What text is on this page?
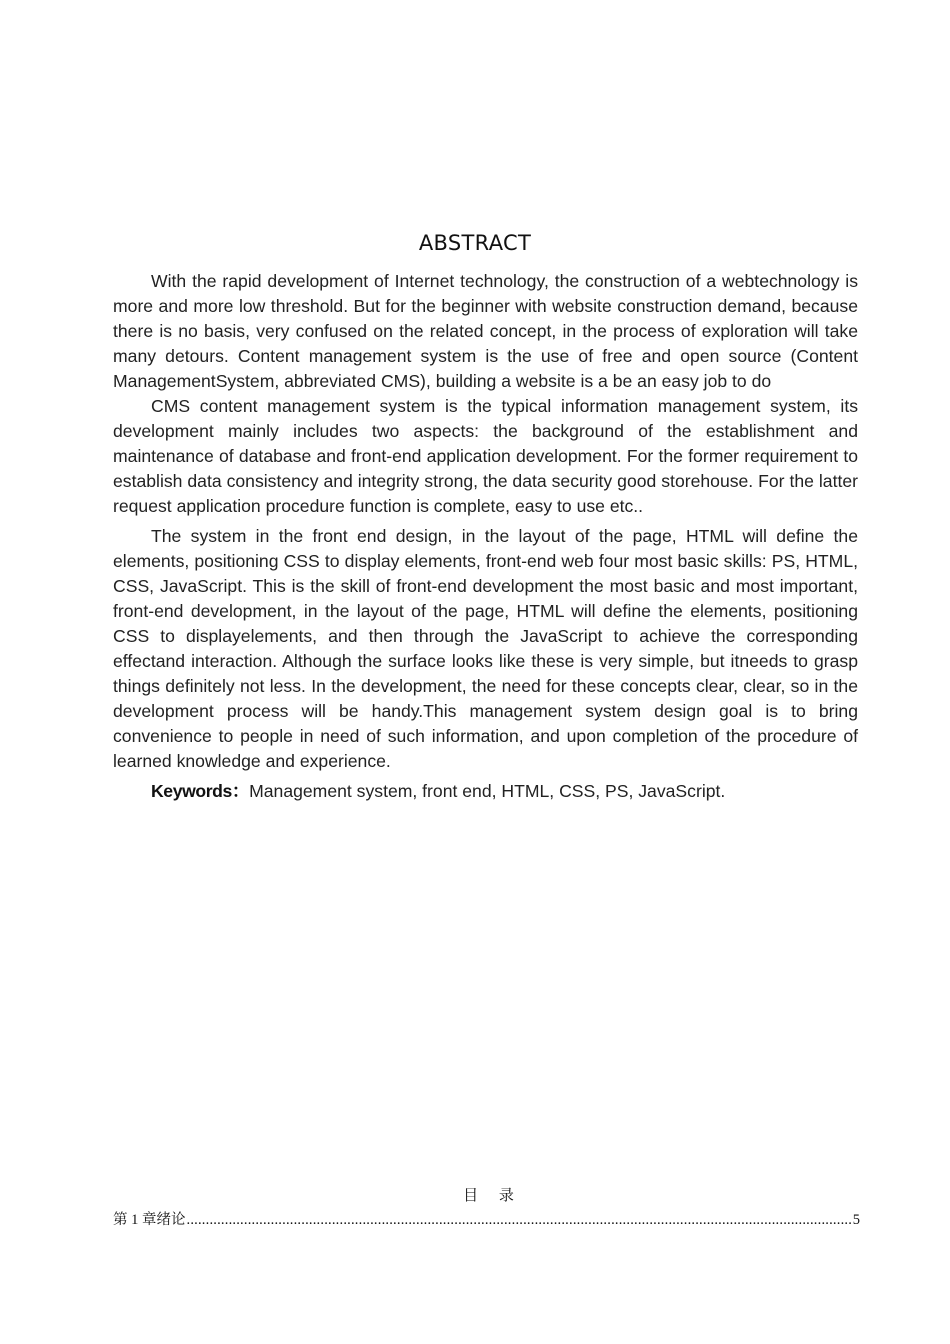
ABSTRACT

With the rapid development of Internet technology, the construction of a webtechnology is more and more low threshold. But for the beginner with website construction demand, because there is no basis, very confused on the related concept, in the process of exploration will take many detours. Content management system is the use of free and open source (Content ManagementSystem, abbreviated CMS), building a website is a be an easy job to do

CMS content management system is the typical information management system, its development mainly includes two aspects: the background of the establishment and maintenance of database and front-end application development. For the former requirement to establish data consistency and integrity strong, the data security good storehouse. For the latter request application procedure function is complete, easy to use etc..

The system in the front end design, in the layout of the page, HTML will define the elements, positioning CSS to display elements, front-end web four most basic skills: PS, HTML, CSS, JavaScript. This is the skill of front-end development the most basic and most important, front-end development, in the layout of the page, HTML will define the elements, positioning CSS to displayelements, and then through the JavaScript to achieve the corresponding effectand interaction. Although the surface looks like these is very simple, but itneeds to grasp things definitely not less. In the development, the need for these concepts clear, clear, so in the development process will be handy.This management system design goal is to bring convenience to people in need of such information, and upon completion of the procedure of learned knowledge and experience.

Keywords：Management system, front end, HTML, CSS, PS, JavaScript.

目 录
第 1 章绪论
.....	5
